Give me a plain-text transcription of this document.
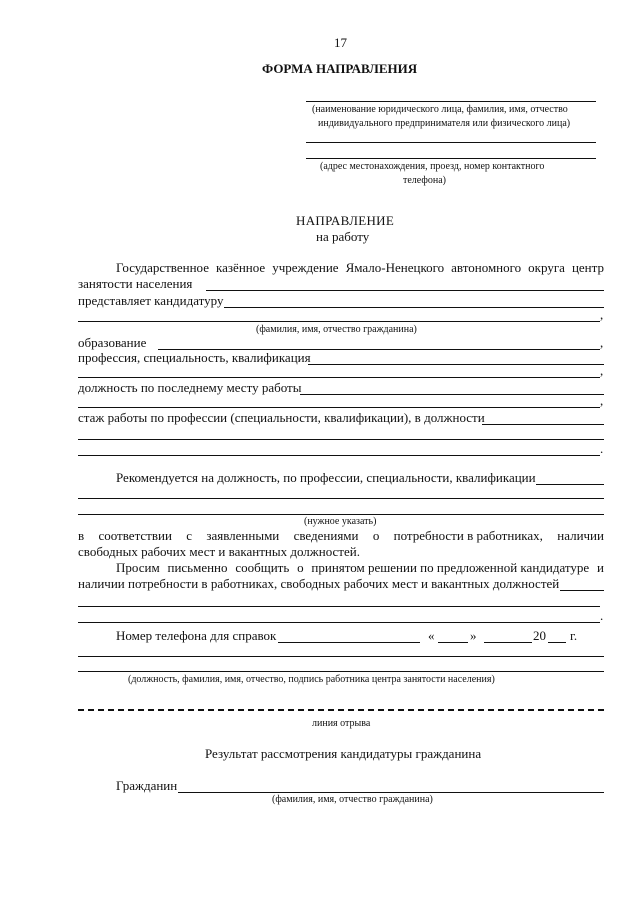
17
ФОРМА НАПРАВЛЕНИЯ
(наименование юридического лица, фамилия, имя, отчество
индивидуального предпринимателя или физического лица)
(адрес местонахождения, проезд, номер контактного
телефона)
НАПРАВЛЕНИЕ
на работу
Государственное казённое учреждение Ямало-Ненецкого автономного округа центр
занятости населения
представляет кандидатуру
,
(фамилия, имя, отчество гражданина)
образование	,
профессия, специальность, квалификация
,
должность по последнему месту работы
,
стаж работы по профессии (специальности, квалификации), в должности
.
Рекомендуется на должность, по профессии, специальности, квалификации
(нужное указать)
в соответствии с заявленными сведениями о потребности в работниках, наличии
свободных рабочих мест и вакантных должностей.
Просим письменно сообщить о принятом решении по предложенной кандидатуре и
наличии потребности в работниках, свободных рабочих мест и вакантных должностей
.
Номер телефона для справок	«	»	20 г.
(должность, фамилия, имя, отчество, подпись работника центра занятости населения)
линия отрыва
Результат рассмотрения кандидатуры гражданина
Гражданин
(фамилия, имя, отчество гражданина)
